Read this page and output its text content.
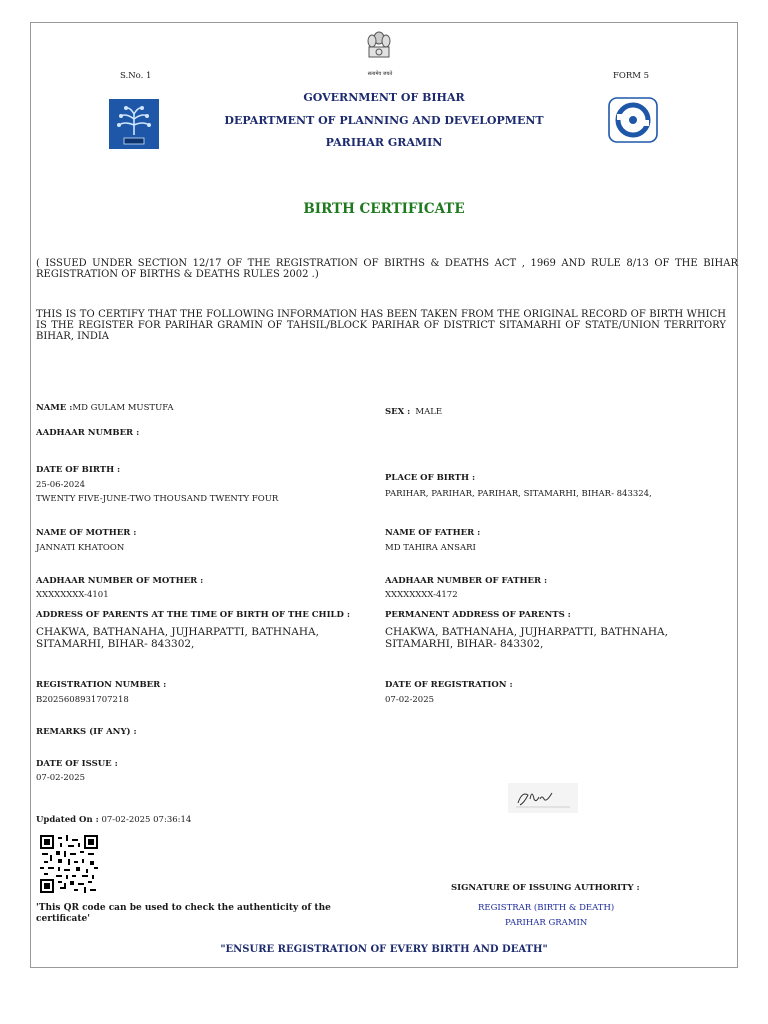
सत्यमेव जयते
S.No. 1	FORM 5
GOVERNMENT OF BIHAR
DEPARTMENT OF PLANNING AND DEVELOPMENT
PARIHAR GRAMIN
BIRTH CERTIFICATE
( ISSUED UNDER SECTION 12/17 OF THE REGISTRATION OF BIRTHS & DEATHS ACT , 1969 AND RULE 8/13 OF THE BIHAR REGISTRATION OF BIRTHS & DEATHS RULES 2002 .)
THIS IS TO CERTIFY THAT THE FOLLOWING INFORMATION HAS BEEN TAKEN FROM THE ORIGINAL RECORD OF BIRTH WHICH IS THE REGISTER FOR PARIHAR GRAMIN OF TAHSIL/BLOCK PARIHAR OF DISTRICT SITAMARHI OF STATE/UNION TERRITORY BIHAR, INDIA
NAME :MD GULAM MUSTUFA	SEX : MALE
AADHAAR NUMBER :
DATE OF BIRTH :
25-06-2024
TWENTY FIVE-JUNE-TWO THOUSAND TWENTY FOUR
PLACE OF BIRTH :
PARIHAR, PARIHAR, PARIHAR, SITAMARHI, BIHAR- 843324,
NAME OF MOTHER :
JANNATI KHATOON
NAME OF FATHER :
MD TAHIRA ANSARI
AADHAAR NUMBER OF MOTHER :
XXXXXXXX-4101
AADHAAR NUMBER OF FATHER :
XXXXXXXX-4172
ADDRESS OF PARENTS AT THE TIME OF BIRTH OF THE CHILD :
CHAKWA, BATHANAHA, JUJHARPATTI, BATHNAHA,
SITAMARHI, BIHAR- 843302,
PERMANENT ADDRESS OF PARENTS :
CHAKWA, BATHANAHA, JUJHARPATTI, BATHNAHA,
SITAMARHI, BIHAR- 843302,
REGISTRATION NUMBER :
B2025608931707218
DATE OF REGISTRATION :
07-02-2025
REMARKS (IF ANY) :
DATE OF ISSUE :
07-02-2025
Updated On : 07-02-2025 07:36:14
'This QR code can be used to check the authenticity of the certificate'
SIGNATURE OF ISSUING AUTHORITY :
REGISTRAR (BIRTH & DEATH)
PARIHAR GRAMIN
"ENSURE REGISTRATION OF EVERY BIRTH AND DEATH"
